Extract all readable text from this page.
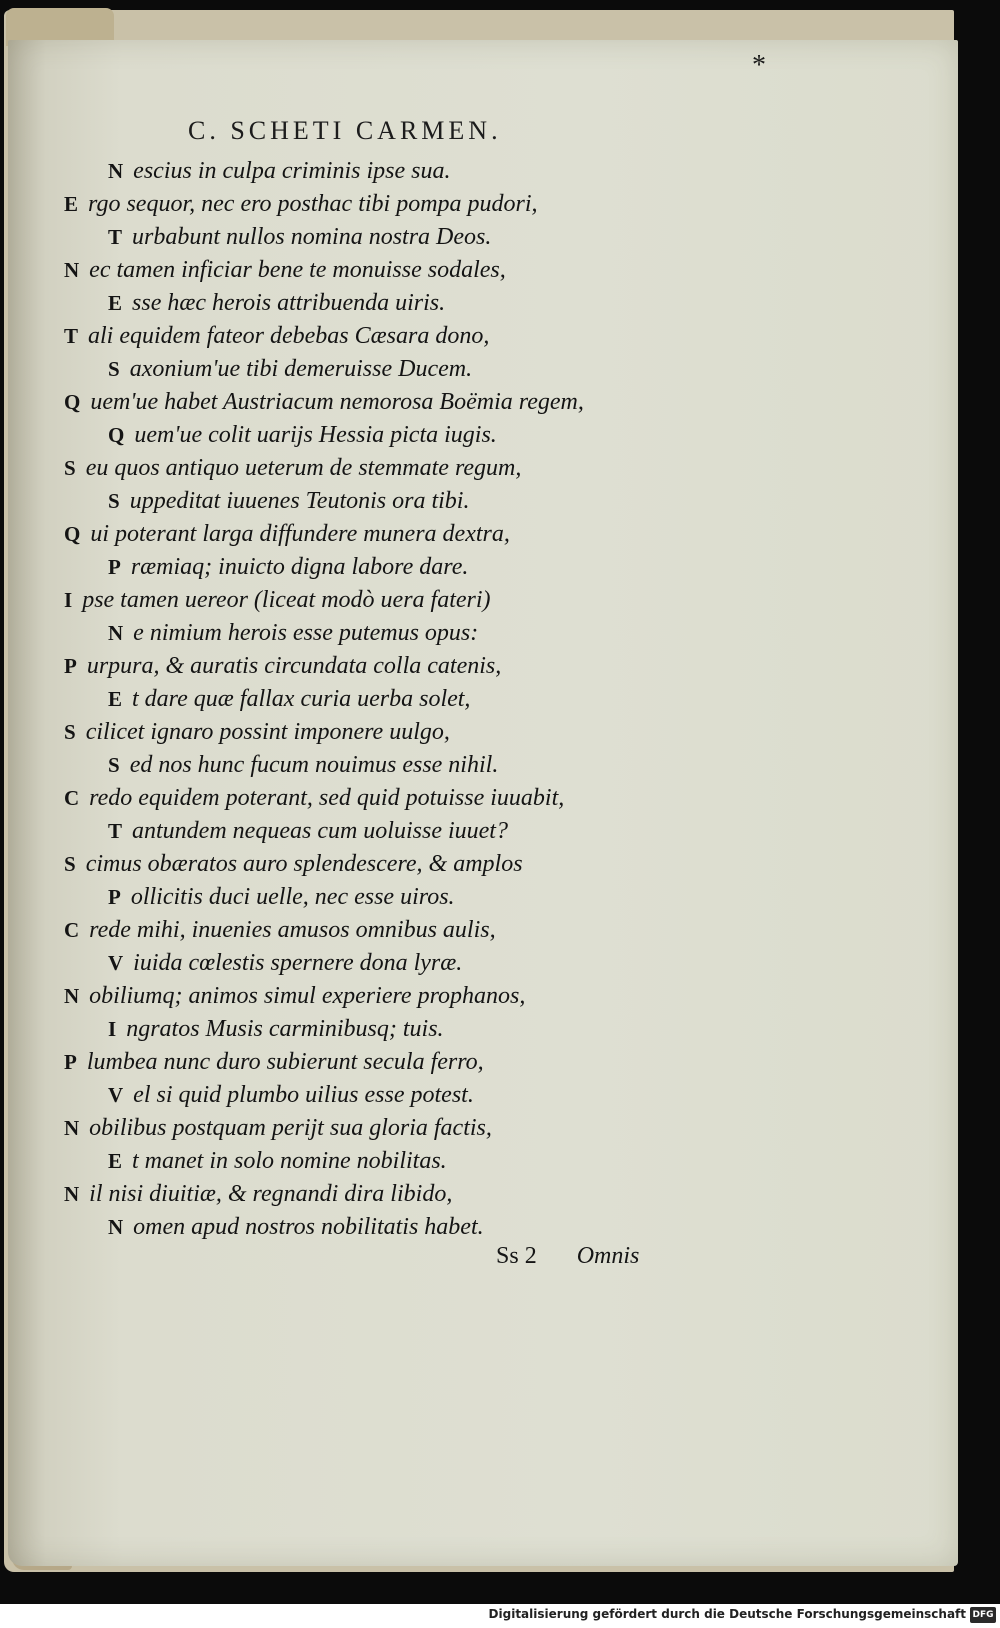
*
C. SCHETI CARMEN.
N escius in culpa criminis ipse sua.
E rgo sequor, nec ero posthac tibi pompa pudori,
T urbabunt nullos nomina nostra Deos.
N ec tamen inficiar bene te monuisse sodales,
E sse hæc herois attribuenda uiris.
T ali equidem fateor debebas Cæsara dono,
S axonium'ue tibi demeruisse Ducem.
Q uem'ue habet Austriacum nemorosa Boëmia regem,
Q uem'ue colit uarijs Hessia picta iugis.
S eu quos antiquo ueterum de stemmate regum,
S uppeditat iuuenes Teutonis ora tibi.
Q ui poterant larga diffundere munera dextra,
P ræmiaq; inuicto digna labore dare.
I pse tamen uereor (liceat modò uera fateri)
N e nimium herois esse putemus opus:
P urpura, & auratis circundata colla catenis,
E t dare quæ fallax curia uerba solet,
S cilicet ignaro possint imponere uulgo,
S ed nos hunc fucum nouimus esse nihil.
C redo equidem poterant, sed quid potuisse iuuabit,
T antundem nequeas cum uoluisse iuuet?
S cimus obæratos auro splendescere, & amplos
P ollicitis duci uelle, nec esse uiros.
C rede mihi, inuenies amusos omnibus aulis,
V iuida cœlestis spernere dona lyræ.
N obiliumq; animos simul experiere prophanos,
I ngratos Musis carminibusq; tuis.
P lumbea nunc duro subierunt secula ferro,
V el si quid plumbo uilius esse potest.
N obilibus postquam perijt sua gloria factis,
E t manet in solo nomine nobilitas.
N il nisi diuitiæ, & regnandi dira libido,
N omen apud nostros nobilitatis habet.
Ss 2 Omnis
Digitalisierung gefördert durch die Deutsche Forschungsgemeinschaft DFG
